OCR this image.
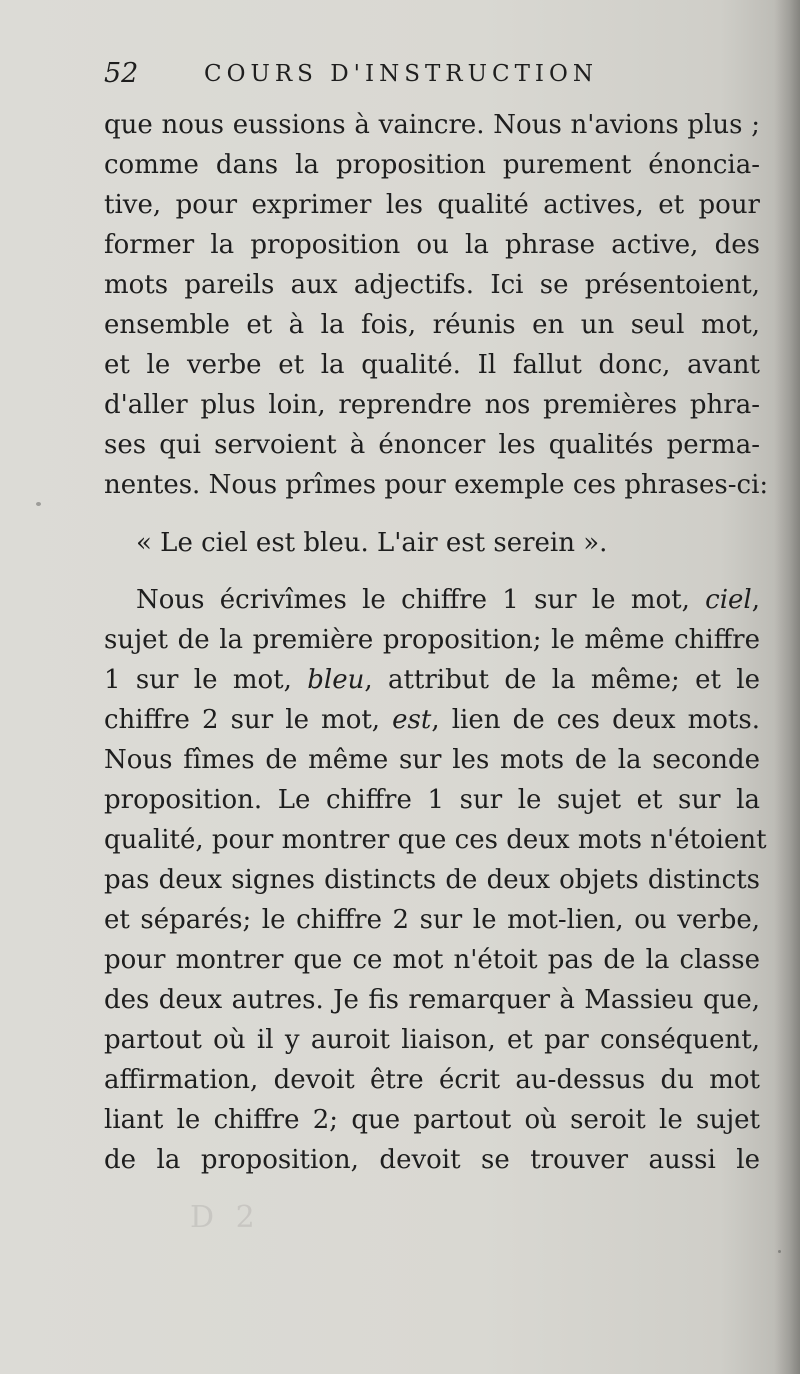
52	COURS D'INSTRUCTION
que nous eussions à vaincre. Nous n'avions plus ;
comme dans la proposition purement énoncia-
tive, pour exprimer les qualité actives, et pour
former la proposition ou la phrase active, des
mots pareils aux adjectifs. Ici se présentoient,
ensemble et à la fois, réunis en un seul mot,
et le verbe et la qualité. Il fallut donc, avant
d'aller plus loin, reprendre nos premières phra-
ses qui servoient à énoncer les qualités perma-
nentes. Nous prîmes pour exemple ces phrases-ci:
« Le ciel est bleu. L'air est serein ».
Nous écrivîmes le chiffre 1 sur le mot, ciel,
sujet de la première proposition; le même chiffre
1 sur le mot, bleu, attribut de la même; et le
chiffre 2 sur le mot, est, lien de ces deux mots.
Nous fîmes de même sur les mots de la seconde
proposition. Le chiffre 1 sur le sujet et sur la
qualité, pour montrer que ces deux mots n'étoient
pas deux signes distincts de deux objets distincts
et séparés; le chiffre 2 sur le mot-lien, ou verbe,
pour montrer que ce mot n'étoit pas de la classe
des deux autres. Je fis remarquer à Massieu que,
partout où il y auroit liaison, et par conséquent,
affirmation, devoit être écrit au-dessus du mot
liant le chiffre 2; que partout où seroit le sujet
de la proposition, devoit se trouver aussi le
D 2
